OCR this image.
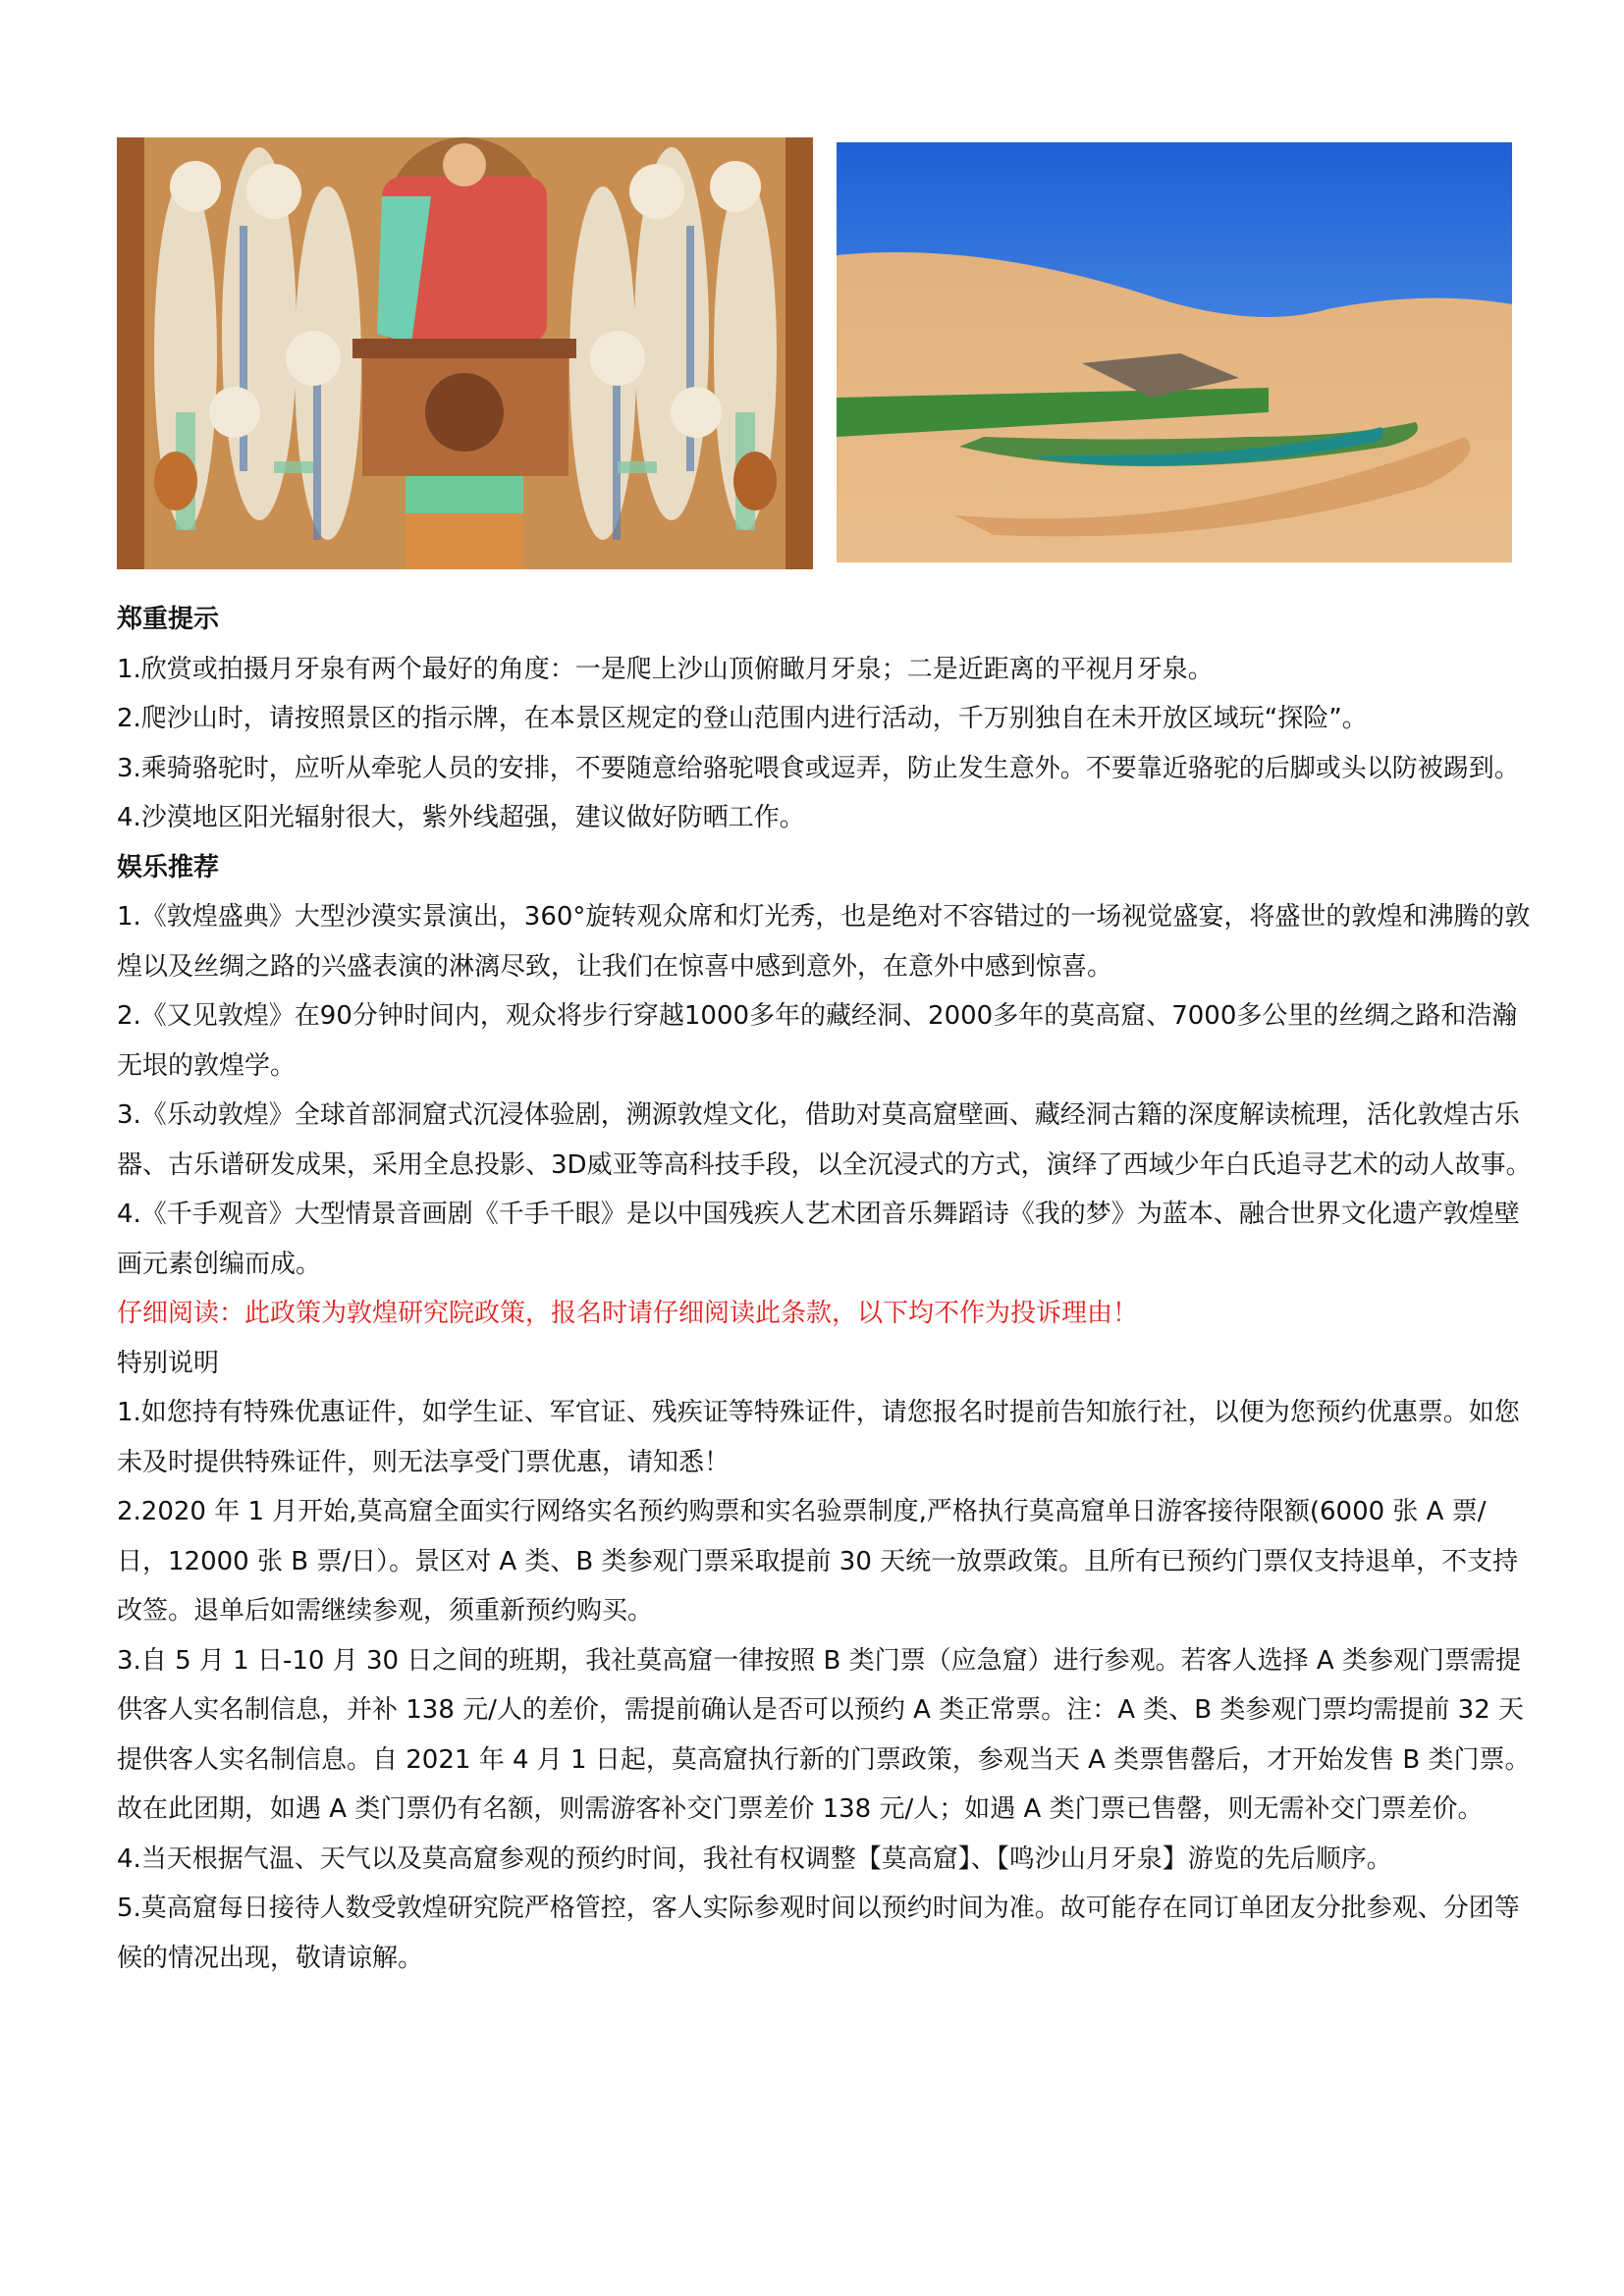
郑重提示

1.欣赏或拍摄月牙泉有两个最好的角度：一是爬上沙山顶俯瞰月牙泉；二是近距离的平视月牙泉。

2.爬沙山时，请按照景区的指示牌，在本景区规定的登山范围内进行活动，千万别独自在未开放区域玩“探险”。

3.乘骑骆驼时，应听从牵驼人员的安排，不要随意给骆驼喂食或逗弄，防止发生意外。不要靠近骆驼的后脚或头以防被踢到。

4.沙漠地区阳光辐射很大，紫外线超强，建议做好防晒工作。

娱乐推荐

1.《敦煌盛典》大型沙漠实景演出，360°旋转观众席和灯光秀，也是绝对不容错过的一场视觉盛宴，将盛世的敦煌和沸腾的敦煌以及丝绸之路的兴盛表演的淋漓尽致，让我们在惊喜中感到意外，在意外中感到惊喜。

2.《又见敦煌》在90分钟时间内，观众将步行穿越1000多年的藏经洞、2000多年的莫高窟、7000多公里的丝绸之路和浩瀚无垠的敦煌学。

3.《乐动敦煌》全球首部洞窟式沉浸体验剧，溯源敦煌文化，借助对莫高窟壁画、藏经洞古籍的深度解读梳理，活化敦煌古乐器、古乐谱研发成果，采用全息投影、3D威亚等高科技手段，以全沉浸式的方式，演绎了西域少年白氏追寻艺术的动人故事。

4.《千手观音》大型情景音画剧《千手千眼》是以中国残疾人艺术团音乐舞蹈诗《我的梦》为蓝本、融合世界文化遗产敦煌壁画元素创编而成。

仔细阅读：此政策为敦煌研究院政策，报名时请仔细阅读此条款，以下均不作为投诉理由！

特别说明

1.如您持有特殊优惠证件，如学生证、军官证、残疾证等特殊证件，请您报名时提前告知旅行社，以便为您预约优惠票。如您未及时提供特殊证件，则无法享受门票优惠，请知悉！

2.2020 年 1 月开始,莫高窟全面实行网络实名预约购票和实名验票制度,严格执行莫高窟单日游客接待限额(6000 张 A 票/日，12000 张 B 票/日）。景区对 A 类、B 类参观门票采取提前 30 天统一放票政策。且所有已预约门票仅支持退单，不支持改签。退单后如需继续参观，须重新预约购买。

3.自 5 月 1 日-10 月 30 日之间的班期，我社莫高窟一律按照 B 类门票（应急窟）进行参观。若客人选择 A 类参观门票需提供客人实名制信息，并补 138 元/人的差价，需提前确认是否可以预约 A 类正常票。注：A 类、B 类参观门票均需提前 32 天提供客人实名制信息。自 2021 年 4 月 1 日起，莫高窟执行新的门票政策，参观当天 A 类票售罄后，才开始发售 B 类门票。故在此团期，如遇 A 类门票仍有名额，则需游客补交门票差价 138 元/人；如遇 A 类门票已售罄，则无需补交门票差价。

4.当天根据气温、天气以及莫高窟参观的预约时间，我社有权调整【莫高窟】、【鸣沙山月牙泉】游览的先后顺序。

5.莫高窟每日接待人数受敦煌研究院严格管控，客人实际参观时间以预约时间为准。故可能存在同订单团友分批参观、分团等候的情况出现，敬请谅解。
